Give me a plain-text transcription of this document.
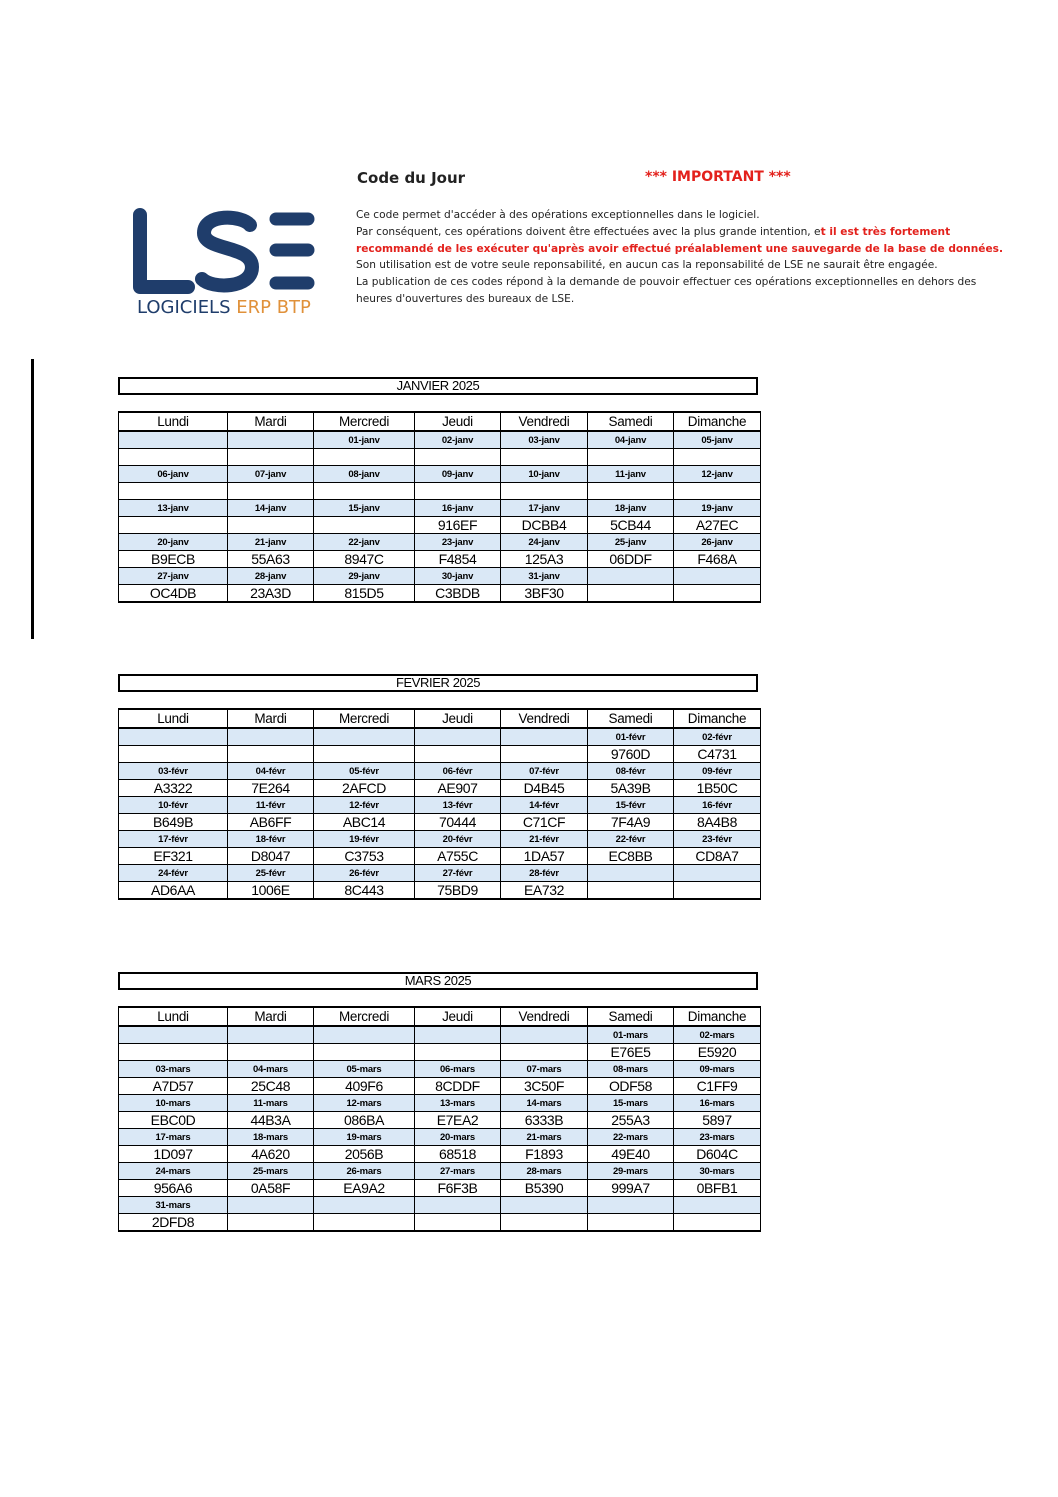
LOGICIELS ERP BTP
Code du Jour	*** IMPORTANT ***

Ce code permet d'accéder à des opérations exceptionnelles dans le logiciel.

Par conséquent, ces opérations doivent être effectuées avec la plus grande intention, et il est très fortement

recommandé de les exécuter qu'après avoir effectué préalablement une sauvegarde de la base de données.

Son utilisation est de votre seule reponsabilité, en aucun cas la reponsabilité de LSE ne saurait être engagée.

La publication de ces codes répond à la demande de pouvoir effectuer ces opérations exceptionnelles en dehors des

heures d'ouvertures des bureaux de LSE.

JANVIER 2025
Lundi	Mardi	Mercredi	Jeudi	Vendredi	Samedi	Dimanche
		01-janv	02-janv	03-janv	04-janv	05-janv

06-janv	07-janv	08-janv	09-janv	10-janv	11-janv	12-janv

13-janv	14-janv	15-janv	16-janv	17-janv	18-janv	19-janv
			916EF	DCBB4	5CB44	A27EC
20-janv	21-janv	22-janv	23-janv	24-janv	25-janv	26-janv
B9ECB	55A63	8947C	F4854	125A3	06DDF	F468A
27-janv	28-janv	29-janv	30-janv	31-janv		
OC4DB	23A3D	815D5	C3BDB	3BF30		
FEVRIER 2025
Lundi	Mardi	Mercredi	Jeudi	Vendredi	Samedi	Dimanche
					01-févr	02-févr
					9760D	C4731
03-févr	04-févr	05-févr	06-févr	07-févr	08-févr	09-févr
A3322	7E264	2AFCD	AE907	D4B45	5A39B	1B50C
10-févr	11-févr	12-févr	13-févr	14-févr	15-févr	16-févr
B649B	AB6FF	ABC14	70444	C71CF	7F4A9	8A4B8
17-févr	18-févr	19-févr	20-févr	21-févr	22-févr	23-févr
EF321	D8047	C3753	A755C	1DA57	EC8BB	CD8A7
24-févr	25-févr	26-févr	27-févr	28-févr		
AD6AA	1006E	8C443	75BD9	EA732		
MARS 2025
Lundi	Mardi	Mercredi	Jeudi	Vendredi	Samedi	Dimanche
					01-mars	02-mars
					E76E5	E5920
03-mars	04-mars	05-mars	06-mars	07-mars	08-mars	09-mars
A7D57	25C48	409F6	8CDDF	3C50F	ODF58	C1FF9
10-mars	11-mars	12-mars	13-mars	14-mars	15-mars	16-mars
EBC0D	44B3A	086BA	E7EA2	6333B	255A3	5897
17-mars	18-mars	19-mars	20-mars	21-mars	22-mars	23-mars
1D097	4A620	2056B	68518	F1893	49E40	D604C
24-mars	25-mars	26-mars	27-mars	28-mars	29-mars	30-mars
956A6	0A58F	EA9A2	F6F3B	B5390	999A7	0BFB1
31-mars						
2DFD8						
